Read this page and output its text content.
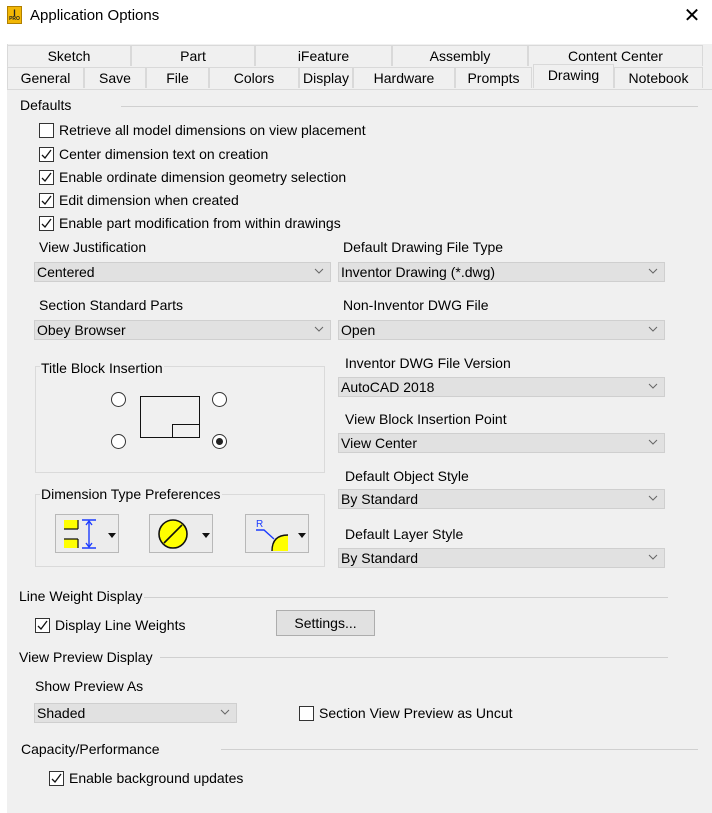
I
PRO Application Options	✕
Sketch	Part	iFeature	Assembly	Content Center
General	Save	File	Colors	Display	Hardware	Prompts	Notebook
Drawing
Defaults
Retrieve all model dimensions on view placement
Center dimension text on creation
Enable ordinate dimension geometry selection
Edit dimension when created
Enable part modification from within drawings
View Justification
Centered
Section Standard Parts
Obey Browser
Title Block Insertion
Dimension Type Preferences
R
Default Drawing File Type
Inventor Drawing (*.dwg)
Non-Inventor DWG File
Open
Inventor DWG File Version
AutoCAD 2018
View Block Insertion Point
View Center
Default Object Style
By Standard
Default Layer Style
By Standard
Line Weight Display
Display Line Weights	Settings...
View Preview Display
Show Preview As
Shaded	Section View Preview as Uncut
Capacity/Performance
Enable background updates
